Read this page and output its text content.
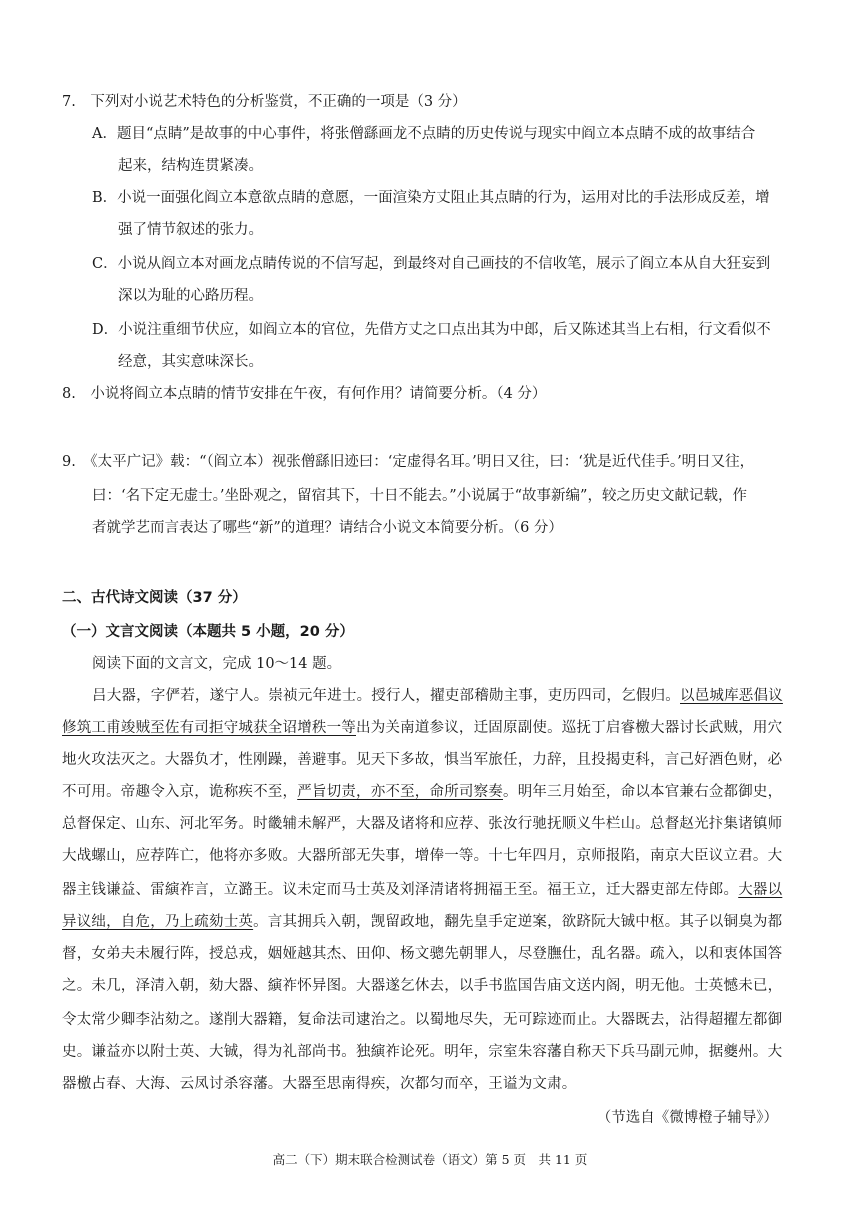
7.　下列对小说艺术特色的分析鉴赏，不正确的一项是（3 分）
A．题目“点睛”是故事的中心事件，将张僧繇画龙不点睛的历史传说与现实中阎立本点睛不成的故事结合
起来，结构连贯紧凑。
B．小说一面强化阎立本意欲点睛的意愿，一面渲染方丈阻止其点睛的行为，运用对比的手法形成反差，增
强了情节叙述的张力。
C．小说从阎立本对画龙点睛传说的不信写起，到最终对自己画技的不信收笔，展示了阎立本从自大狂妄到
深以为耻的心路历程。
D．小说注重细节伏应，如阎立本的官位，先借方丈之口点出其为中郎，后又陈述其当上右相，行文看似不
经意，其实意味深长。
8.　小说将阎立本点睛的情节安排在午夜，有何作用？请简要分析。（4 分）
9.　《太平广记》载：“（阎立本）视张僧繇旧迹曰：‘定虚得名耳。’明日又往，曰：‘犹是近代佳手。’明日又往，
曰：‘名下定无虚士。’坐卧观之，留宿其下，十日不能去。”小说属于“故事新编”，较之历史文献记载，作
者就学艺而言表达了哪些“新”的道理？请结合小说文本简要分析。（6 分）
二、古代诗文阅读（37 分）
（一）文言文阅读（本题共 5 小题，20 分）
阅读下面的文言文，完成 10～14 题。
吕大器，字俨若，遂宁人。崇祯元年进士。授行人，擢吏部稽勋主事，吏历四司，乞假归。以邑城库恶倡议
修筑工甫竣贼至佐有司拒守城获全诏增秩一等出为关南道参议，迁固原副使。巡抚丁启睿檄大器讨长武贼，用穴
地火攻法灭之。大器负才，性刚躁，善避事。见天下多故，惧当军旅任，力辞，且投揭吏科，言己好酒色财，必
不可用。帝趣令入京，诡称疾不至，严旨切责，亦不至，命所司察奏。明年三月始至，命以本官兼右佥都御史，
总督保定、山东、河北军务。时畿辅未解严，大器及诸将和应荐、张汝行驰抚顺义牛栏山。总督赵光抃集诸镇师
大战螺山，应荐阵亡，他将亦多败。大器所部无失事，增俸一等。十七年四月，京师报陷，南京大臣议立君。大
器主钱谦益、雷縯祚言，立潞王。议未定而马士英及刘泽清诸将拥福王至。福王立，迁大器吏部左侍郎。大器以
异议绌，自危，乃上疏劾士英。言其拥兵入朝，觊留政地，翻先皇手定逆案，欲跻阮大铖中枢。其子以铜臭为都
督，女弟夫未履行阵，授总戎，姻娅越其杰、田仰、杨文骢先朝罪人，尽登膴仕，乱名器。疏入，以和衷体国答
之。未几，泽清入朝，劾大器、縯祚怀异图。大器遂乞休去，以手书监国告庙文送内阁，明无他。士英憾未已，
令太常少卿李沾劾之。遂削大器籍，复命法司逮治之。以蜀地尽失，无可踪迹而止。大器既去，沾得超擢左都御
史。谦益亦以附士英、大铖，得为礼部尚书。独縯祚论死。明年，宗室朱容藩自称天下兵马副元帅，据夔州。大
器檄占春、大海、云凤讨杀容藩。大器至思南得疾，次都匀而卒，王谥为文肃。
（节选自《微博橙子辅导》）
高二（下）期末联合检测试卷（语文）第 5 页　共 11 页
